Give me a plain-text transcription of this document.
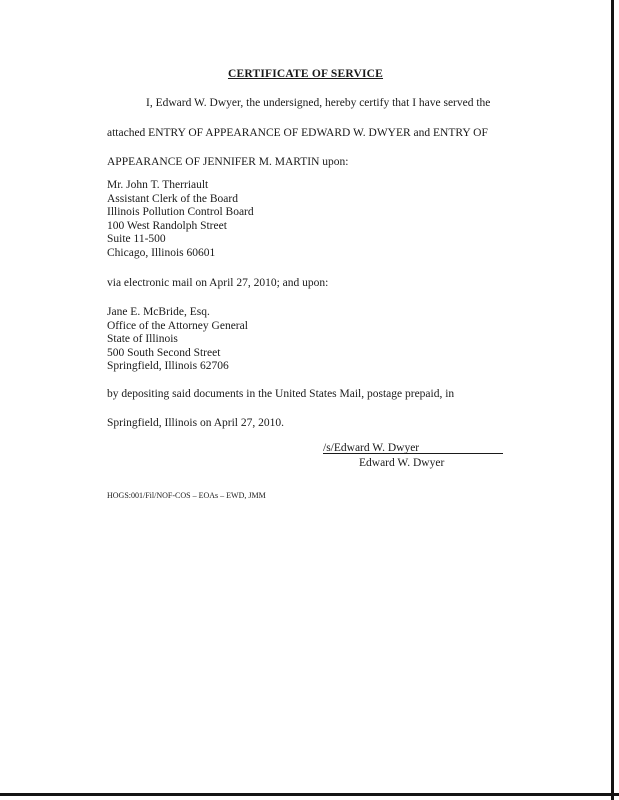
CERTIFICATE OF SERVICE
I, Edward W. Dwyer, the undersigned, hereby certify that I have served the
attached ENTRY OF APPEARANCE OF EDWARD W. DWYER and ENTRY OF
APPEARANCE OF JENNIFER M. MARTIN upon:
Mr. John T. Therriault
Assistant Clerk of the Board
Illinois Pollution Control Board
100 West Randolph Street
Suite 11-500
Chicago, Illinois 60601
via electronic mail on April 27, 2010; and upon:
Jane E. McBride, Esq.
Office of the Attorney General
State of Illinois
500 South Second Street
Springfield, Illinois 62706
by depositing said documents in the United States Mail, postage prepaid, in
Springfield, Illinois on April 27, 2010.
/s/Edward W. Dwyer
Edward W. Dwyer
HOGS:001/Fil/NOF-COS – EOAs – EWD, JMM
